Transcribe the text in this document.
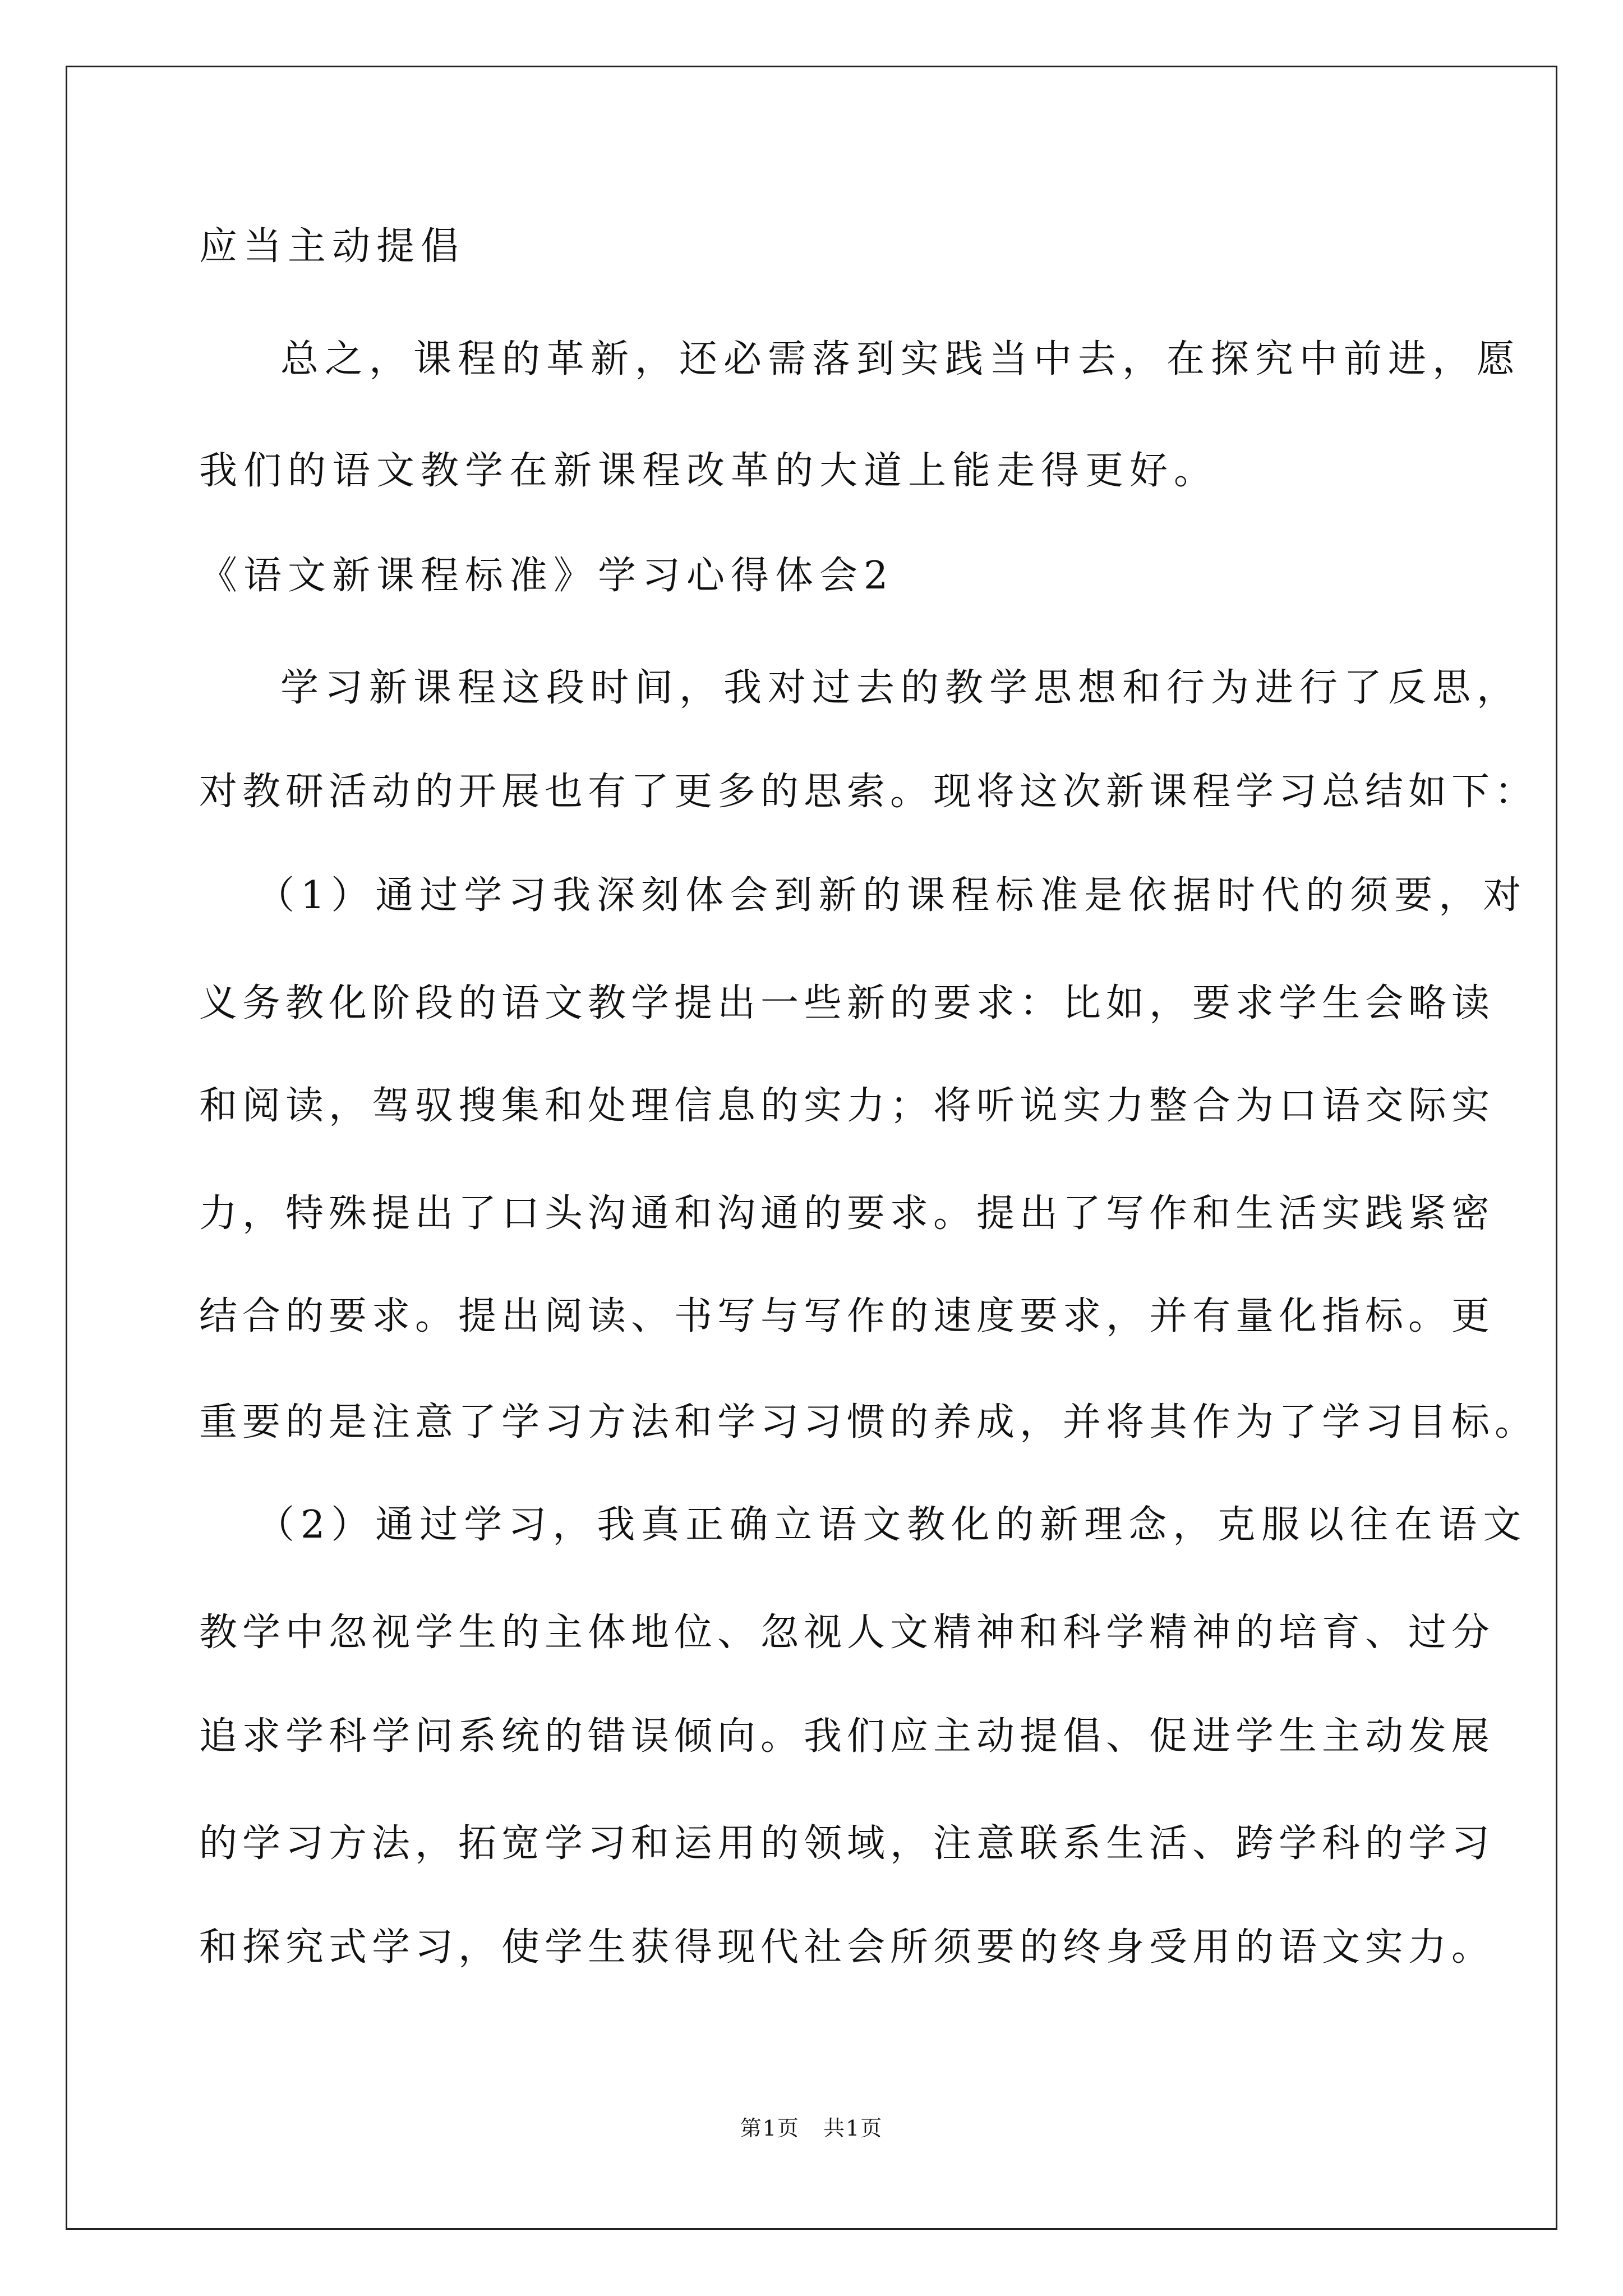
应当主动提倡
总之，课程的革新，还必需落到实践当中去，在探究中前进，愿
我们的语文教学在新课程改革的大道上能走得更好。
《语文新课程标准》学习心得体会2
学习新课程这段时间，我对过去的教学思想和行为进行了反思，
对教研活动的开展也有了更多的思索。现将这次新课程学习总结如下：
（1）通过学习我深刻体会到新的课程标准是依据时代的须要，对
义务教化阶段的语文教学提出一些新的要求：比如，要求学生会略读
和阅读，驾驭搜集和处理信息的实力；将听说实力整合为口语交际实
力，特殊提出了口头沟通和沟通的要求。提出了写作和生活实践紧密
结合的要求。提出阅读、书写与写作的速度要求，并有量化指标。更
重要的是注意了学习方法和学习习惯的养成，并将其作为了学习目标。
（2）通过学习，我真正确立语文教化的新理念，克服以往在语文
教学中忽视学生的主体地位、忽视人文精神和科学精神的培育、过分
追求学科学问系统的错误倾向。我们应主动提倡、促进学生主动发展
的学习方法，拓宽学习和运用的领域，注意联系生活、跨学科的学习
和探究式学习，使学生获得现代社会所须要的终身受用的语文实力。
第1页 共1页
